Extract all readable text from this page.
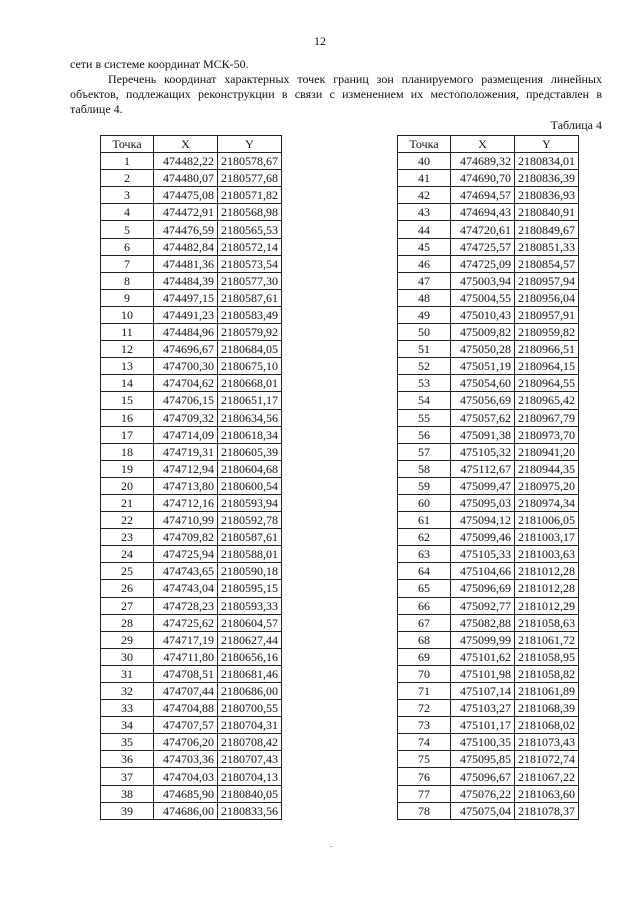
12
сети в системе координат МСК-50.
Перечень координат характерных точек границ зон планируемого размещения линейных объектов, подлежащих реконструкции в связи с изменением их местоположения, представлен в таблице 4.
Таблица 4
Точка	X	Y
1	474482,22	2180578,67
2	474480,07	2180577,68
3	474475,08	2180571,82
4	474472,91	2180568,98
5	474476,59	2180565,53
6	474482,84	2180572,14
7	474481,36	2180573,54
8	474484,39	2180577,30
9	474497,15	2180587,61
10	474491,23	2180583,49
11	474484,96	2180579,92
12	474696,67	2180684,05
13	474700,30	2180675,10
14	474704,62	2180668,01
15	474706,15	2180651,17
16	474709,32	2180634,56
17	474714,09	2180618,34
18	474719,31	2180605,39
19	474712,94	2180604,68
20	474713,80	2180600,54
21	474712,16	2180593,94
22	474710,99	2180592,78
23	474709,82	2180587,61
24	474725,94	2180588,01
25	474743,65	2180590,18
26	474743,04	2180595,15
27	474728,23	2180593,33
28	474725,62	2180604,57
29	474717,19	2180627,44
30	474711,80	2180656,16
31	474708,51	2180681,46
32	474707,44	2180686,00
33	474704,88	2180700,55
34	474707,57	2180704,31
35	474706,20	2180708,42
36	474703,36	2180707,43
37	474704,03	2180704,13
38	474685,90	2180840,05
39	474686,00	2180833,56
Точка	X	Y
40	474689,32	2180834,01
41	474690,70	2180836,39
42	474694,57	2180836,93
43	474694,43	2180840,91
44	474720,61	2180849,67
45	474725,57	2180851,33
46	474725,09	2180854,57
47	475003,94	2180957,94
48	475004,55	2180956,04
49	475010,43	2180957,91
50	475009,82	2180959,82
51	475050,28	2180966,51
52	475051,19	2180964,15
53	475054,60	2180964,55
54	475056,69	2180965,42
55	475057,62	2180967,79
56	475091,38	2180973,70
57	475105,32	2180941,20
58	475112,67	2180944,35
59	475099,47	2180975,20
60	475095,03	2180974,34
61	475094,12	2181006,05
62	475099,46	2181003,17
63	475105,33	2181003,63
64	475104,66	2181012,28
65	475096,69	2181012,28
66	475092,77	2181012,29
67	475082,88	2181058,63
68	475099,99	2181061,72
69	475101,62	2181058,95
70	475101,98	2181058,82
71	475107,14	2181061,89
72	475103,27	2181068,39
73	475101,17	2181068,02
74	475100,35	2181073,43
75	475095,85	2181072,74
76	475096,67	2181067,22
77	475076,22	2181063,60
78	475075,04	2181078,37
